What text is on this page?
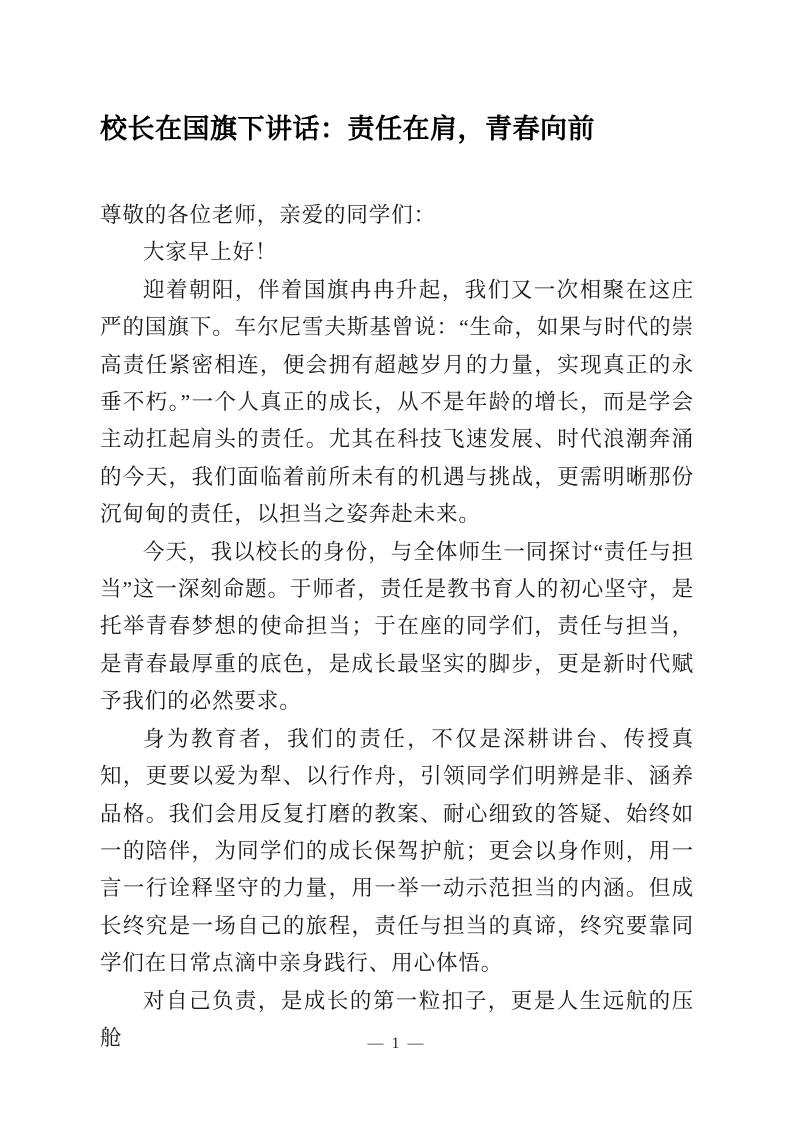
校长在国旗下讲话：责任在肩，青春向前

尊敬的各位老师，亲爱的同学们：

大家早上好！

迎着朝阳，伴着国旗冉冉升起，我们又一次相聚在这庄严的国旗下。车尔尼雪夫斯基曾说：“生命，如果与时代的崇高责任紧密相连，便会拥有超越岁月的力量，实现真正的永垂不朽。”一个人真正的成长，从不是年龄的增长，而是学会主动扛起肩头的责任。尤其在科技飞速发展、时代浪潮奔涌的今天，我们面临着前所未有的机遇与挑战，更需明晰那份沉甸甸的责任，以担当之姿奔赴未来。

今天，我以校长的身份，与全体师生一同探讨“责任与担当”这一深刻命题。于师者，责任是教书育人的初心坚守，是托举青春梦想的使命担当；于在座的同学们，责任与担当，是青春最厚重的底色，是成长最坚实的脚步，更是新时代赋予我们的必然要求。

身为教育者，我们的责任，不仅是深耕讲台、传授真知，更要以爱为犁、以行作舟，引领同学们明辨是非、涵养品格。我们会用反复打磨的教案、耐心细致的答疑、始终如一的陪伴，为同学们的成长保驾护航；更会以身作则，用一言一行诠释坚守的力量，用一举一动示范担当的内涵。但成长终究是一场自己的旅程，责任与担当的真谛，终究要靠同学们在日常点滴中亲身践行、用心体悟。

对自己负责，是成长的第一粒扣子，更是人生远航的压舱	— 1 —
